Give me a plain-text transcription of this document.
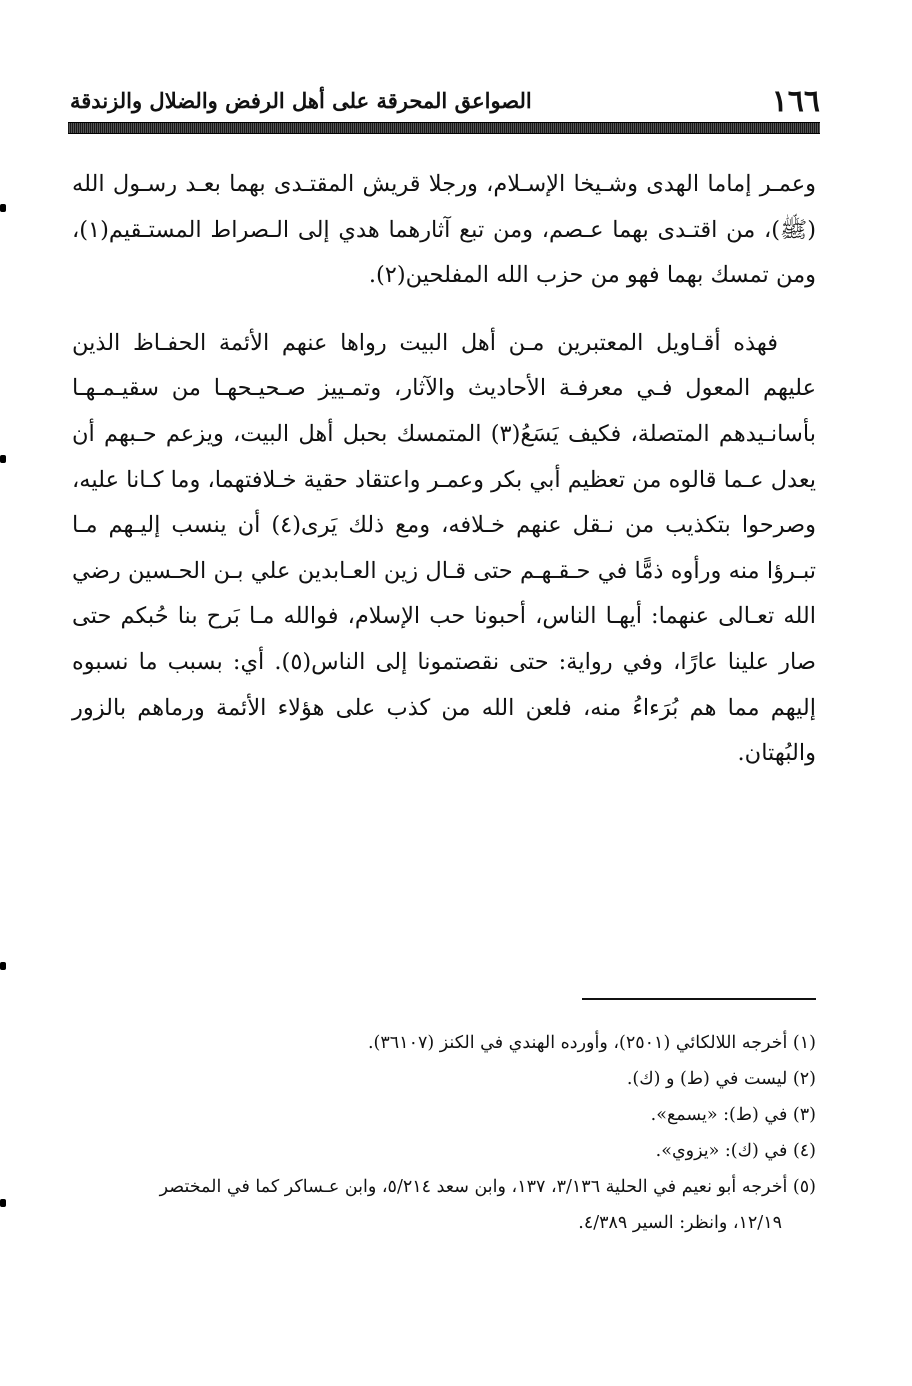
١٦٦
الصواعق المحرقة على أهل الرفض والضلال والزندقة

وعمـر إماما الهدى وشـيخا الإسـلام، ورجلا قريش المقتـدى بهما بعـد رسـول الله (ﷺ)، من اقتـدى بهما عـصم، ومن تبع آثارهما هدي إلى الـصراط المستـقيم(١)، ومن تمسك بهما فهو من حزب الله المفلحين(٢).

فهذه أقـاويل المعتبرين مـن أهل البيت رواها عنهم الأئمة الحفـاظ الذين عليهم المعول فـي معرفـة الأحاديث والآثار، وتمـييز صـحيـحهـا من سقيـمـهـا بأسانـيدهم المتصلة، فكيف يَسَعُ(٣) المتمسك بحبل أهل البيت، ويزعم حـبهم أن يعدل عـما قالوه من تعظيم أبي بكر وعمـر واعتقاد حقية خـلافتهما، وما كـانا عليه، وصرحوا بتكذيب من نـقل عنهم خـلافه، ومع ذلك يَرى(٤) أن ينسب إليـهم مـا تبـرؤا منه ورأوه ذمًّا في حـقـهـم حتى قـال زين العـابدين علي بـن الحـسين رضي الله تعـالى عنهما: أيهـا الناس، أحبونا حب الإسلام، فوالله مـا بَرح بنا حُبكم حتى صار علينا عارًا، وفي رواية: حتى نقصتمونا إلى الناس(٥). أي: بسبب ما نسبوه إليهم مما هم بُرَءاءُ منه، فلعن الله من كذب على هؤلاء الأئمة ورماهم بالزور والبُهتان.

(١) أخرجه اللالكائي (٢٥٠١)، وأورده الهندي في الكنز (٣٦١٠٧).

(٢) ليست في (ط) و (ك).

(٣) في (ط): «يسمع».

(٤) في (ك): «يزوي».

(٥) أخرجه أبو نعيم في الحلية ٣/١٣٦، ١٣٧، وابن سعد ٥/٢١٤، وابن عـساكر كما في المختصر

١٢/١٩، وانظر: السير ٤/٣٨٩.
